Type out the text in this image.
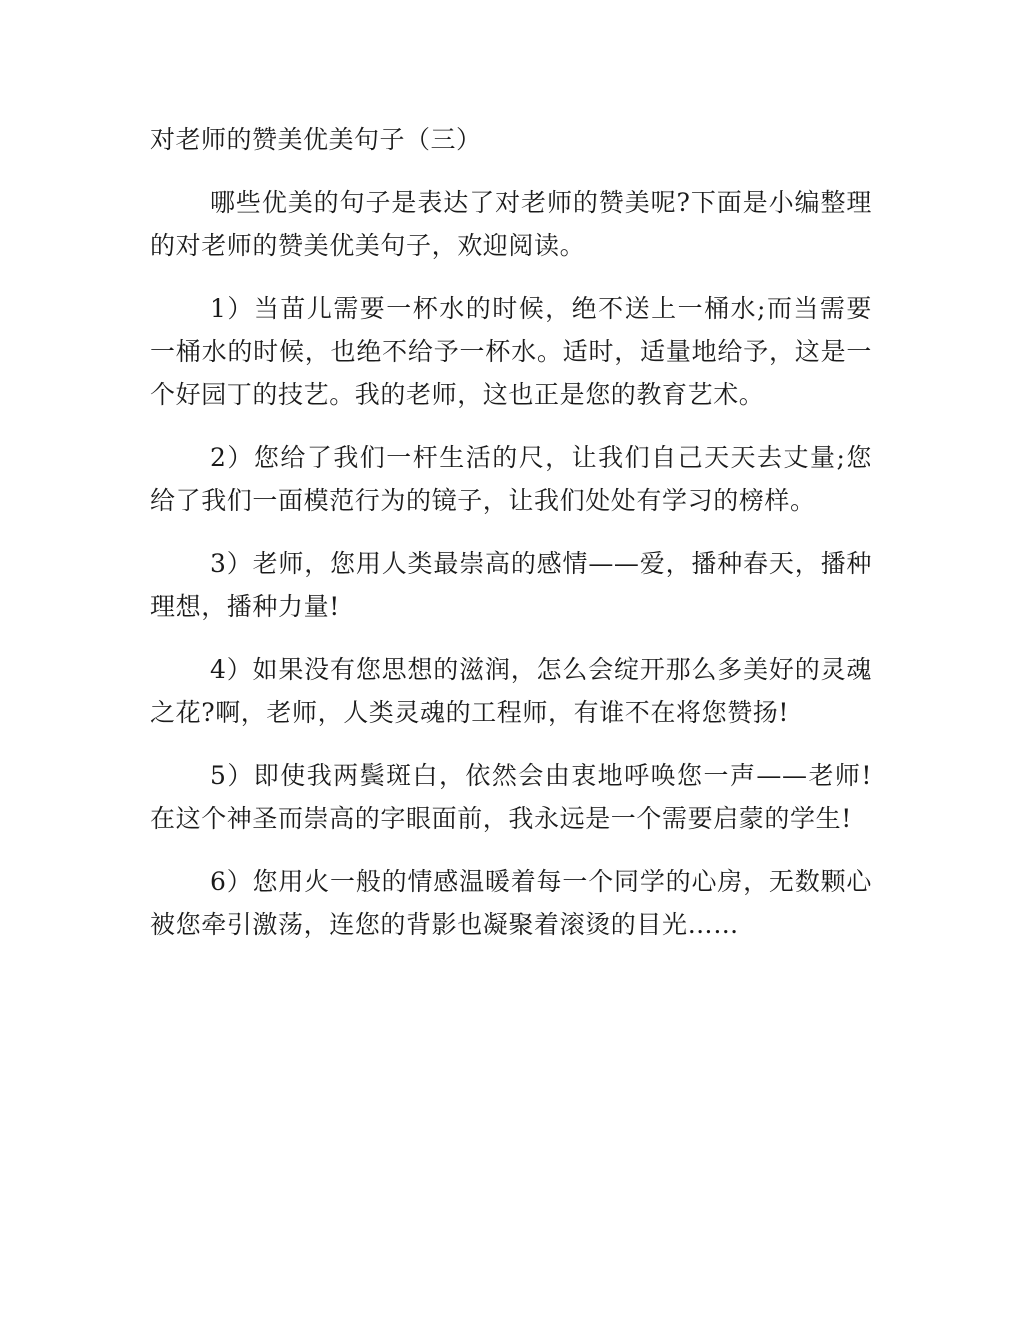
对老师的赞美优美句子（三）

哪些优美的句子是表达了对老师的赞美呢?下面是小编整理的对老师的赞美优美句子，欢迎阅读。

1）当苗儿需要一杯水的时候，绝不送上一桶水;而当需要一桶水的时候，也绝不给予一杯水。适时，适量地给予，这是一个好园丁的技艺。我的老师，这也正是您的教育艺术。

2）您给了我们一杆生活的尺，让我们自己天天去丈量;您给了我们一面模范行为的镜子，让我们处处有学习的榜样。

3）老师，您用人类最崇高的感情——爱，播种春天，播种理想，播种力量!

4）如果没有您思想的滋润，怎么会绽开那么多美好的灵魂之花?啊，老师，人类灵魂的工程师，有谁不在将您赞扬!

5）即使我两鬓斑白，依然会由衷地呼唤您一声——老师!在这个神圣而崇高的字眼面前，我永远是一个需要启蒙的学生!

6）您用火一般的情感温暖着每一个同学的心房，无数颗心被您牵引激荡，连您的背影也凝聚着滚烫的目光……
